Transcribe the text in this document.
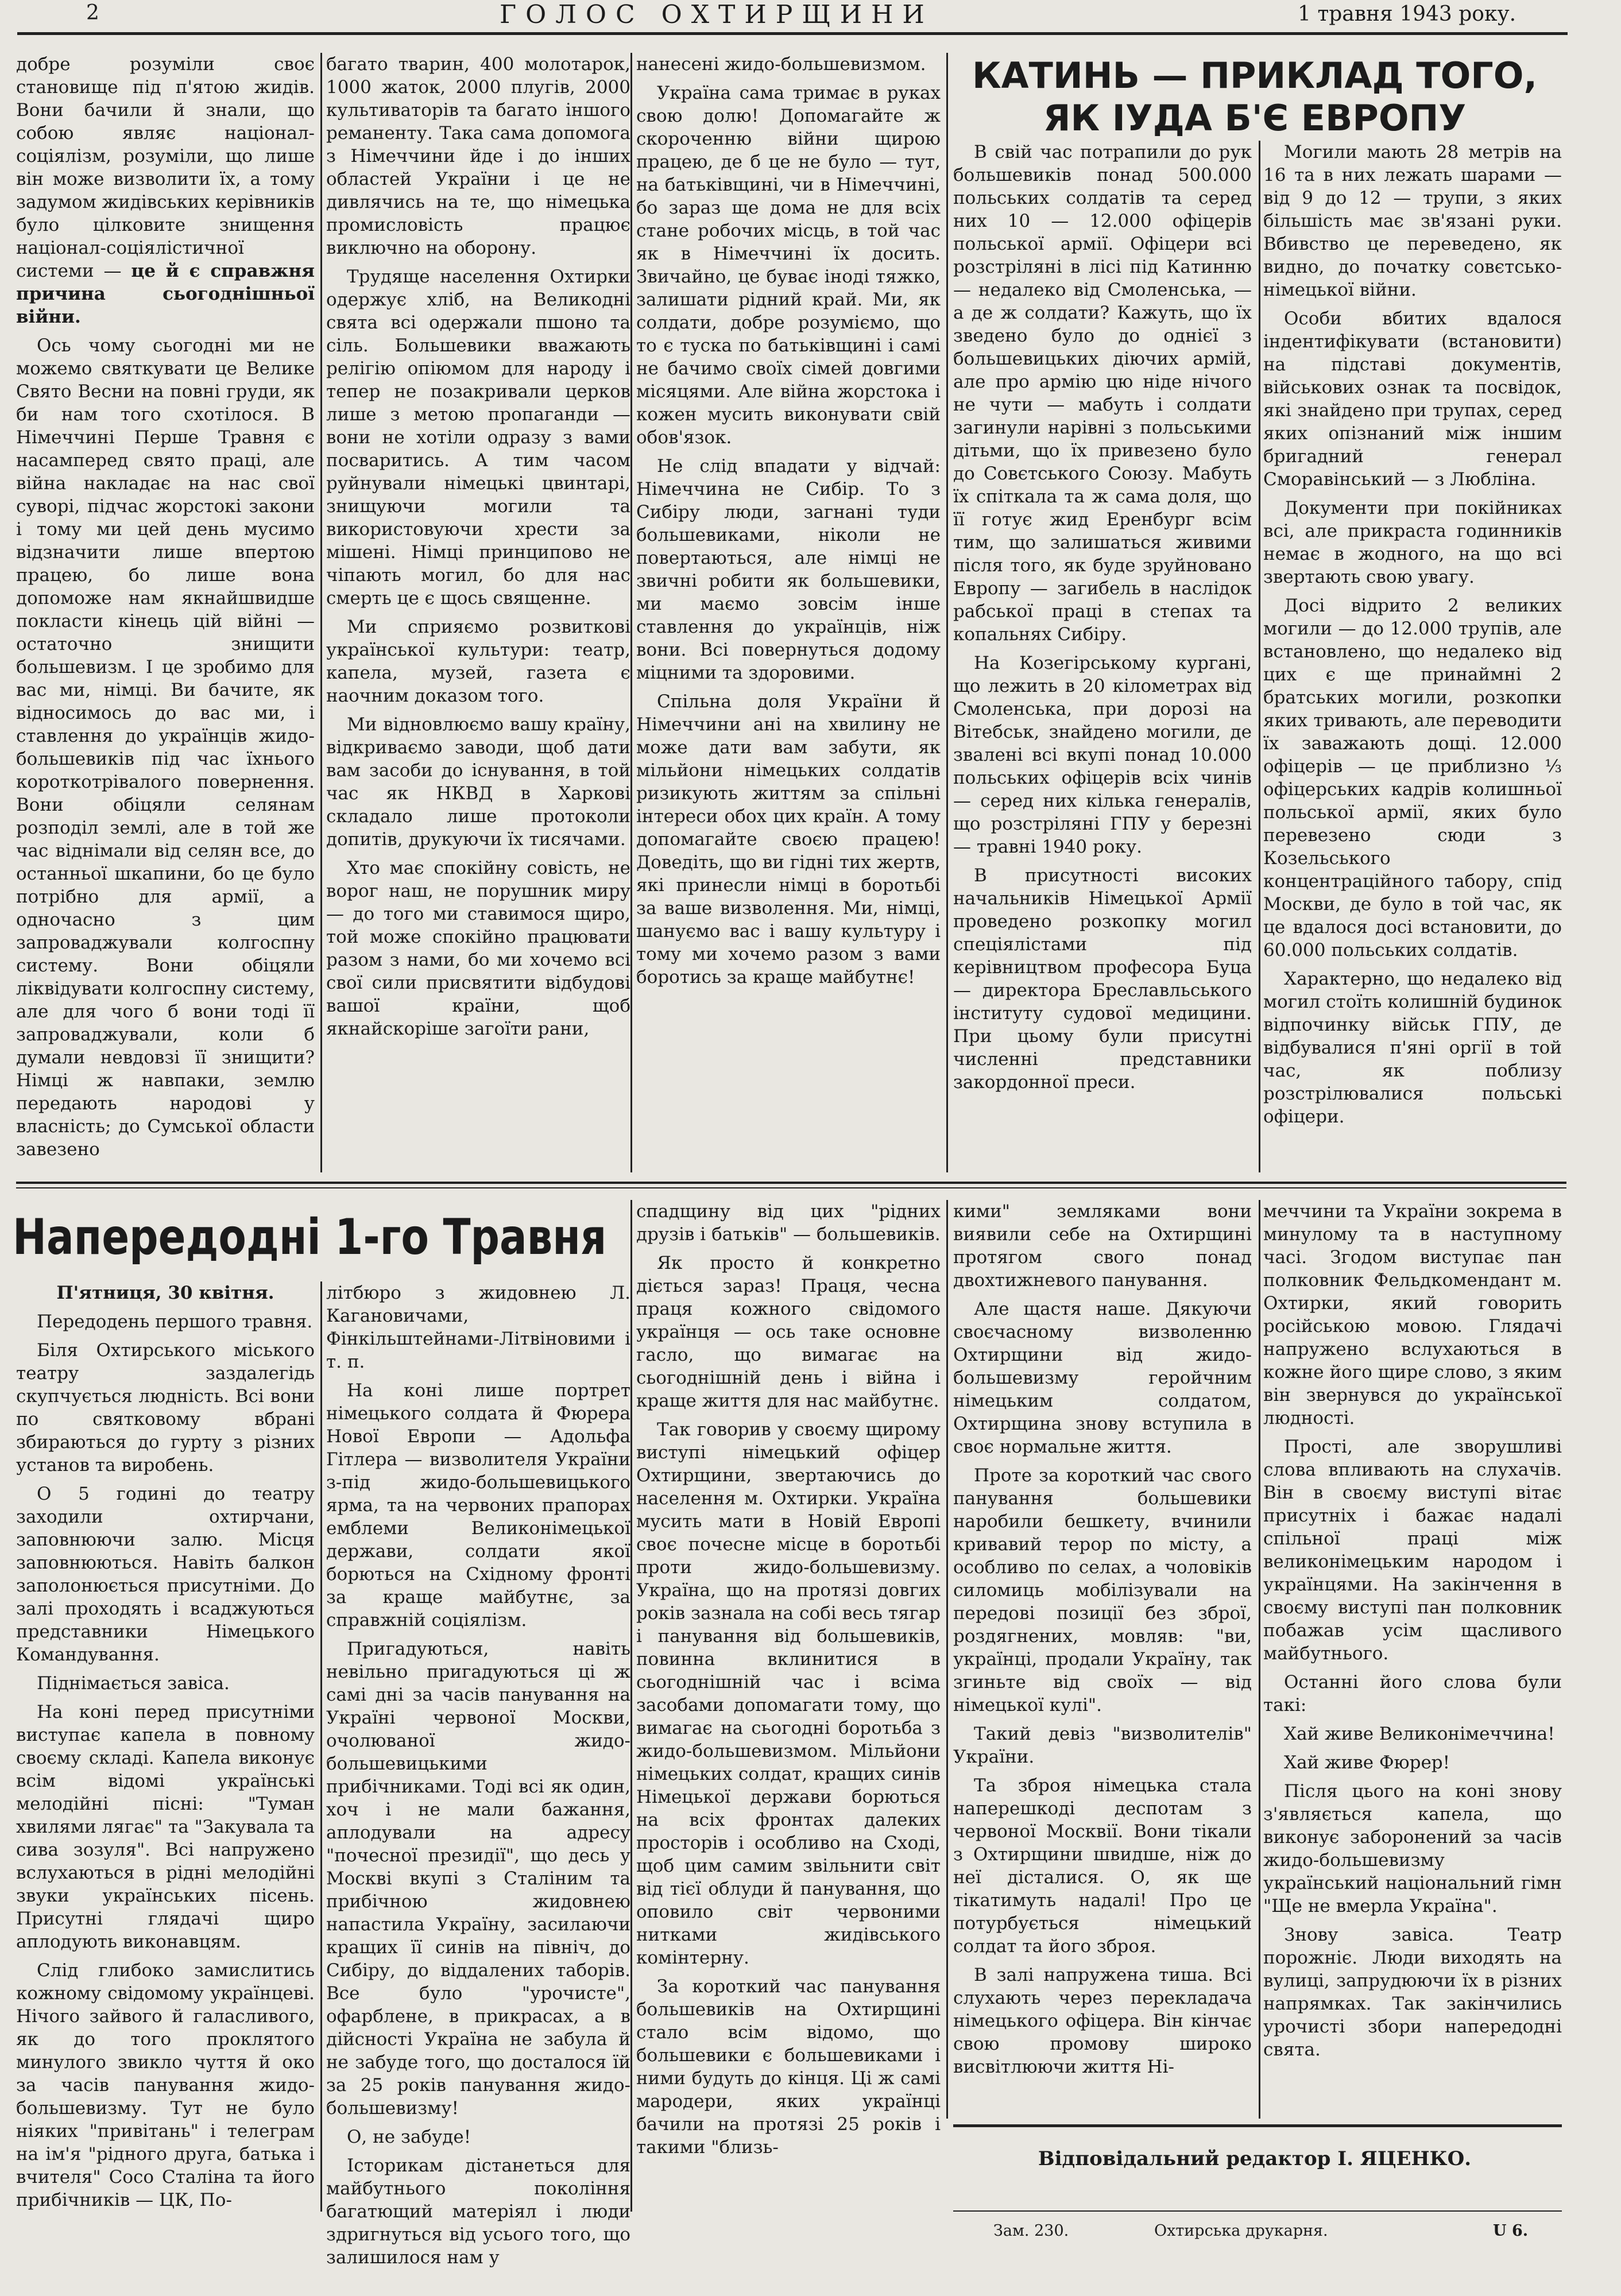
2	ГОЛОС ОХТИРЩИНИ	1 травня 1943 року.

добре розуміли своє становище під п'ятою жидів. Вони бачили й знали, що собою являє націонал-соціялізм, розуміли, що лише він може визволити їх, а тому задумом жидівських керівників було цілковите знищення націонал-соціялістичної системи — це й є справжня причина сьогоднішньої війни.

Ось чому сьогодні ми не можемо святкувати це Велике Свято Весни на повні груди, як би нам того схотілося. В Німеччині Перше Травня є насамперед свято праці, але війна накладає на нас свої суворі, підчас жорстокі закони і тому ми цей день мусимо відзначити лише впертою працею, бо лише вона допоможе нам якнайшвидше покласти кінець цій війні — остаточно знищити большевизм. І це зробимо для вас ми, німці. Ви бачите, як відносимось до вас ми, і ставлення до українців жидо-большевиків під час їхнього короткотрівалого повернення. Вони обіцяли селянам розподіл землі, але в той же час віднімали від селян все, до останньої шкапини, бо це було потрібно для армії, а одночасно з цим запроваджували колгоспну систему. Вони обіцяли ліквідувати колгоспну систему, але для чого б вони тоді її запроваджували, коли б думали невдовзі її знищити? Німці ж навпаки, землю передають народові у власність; до Сумської области завезено

багато тварин, 400 молотарок, 1000 жаток, 2000 плугів, 2000 культиваторів та багато іншого реманенту. Така сама допомога з Німеччини йде і до інших областей України і це не дивлячись на те, що німецька промисловість працює виключно на оборону.

Трудяще населення Охтирки одержує хліб, на Великодні свята всі одержали пшоно та сіль. Большевики вважають релігію опіюмом для народу і тепер не позакривали церков лише з метою пропаганди — вони не хотіли одразу з вами посваритись. А тим часом руйнували німецькі цвинтарі, знищуючи могили та використовуючи хрести за мішені. Німці принципово не чіпають могил, бо для нас смерть це є щось священне.

Ми сприяємо розвиткові української культури: театр, капела, музей, газета є наочним доказом того.

Ми відновлюємо вашу країну, відкриваємо заводи, щоб дати вам засоби до існування, в той час як НКВД в Харкові складало лише протоколи допитів, друкуючи їх тисячами.

Хто має спокійну совість, не ворог наш, не порушник миру — до того ми ставимося щиро, той може спокійно працювати разом з нами, бо ми хочемо всі свої сили присвятити відбудові вашої країни, щоб якнайскоріше загоїти рани,

нанесені жидо-большевизмом.

Україна сама тримає в руках свою долю! Допомагайте ж скороченню війни щирою працею, де б це не було — тут, на батьківщині, чи в Німеччині, бо зараз ще дома не для всіх стане робочих місць, в той час як в Німеччині їх досить. Звичайно, це буває іноді тяжко, залишати рідний край. Ми, як солдати, добре розуміємо, що то є туска по батьківщині і самі не бачимо своїх сімей довгими місяцями. Але війна жорстока і кожен мусить виконувати свій обов'язок.

Не слід впадати у відчай: Німеччина не Сибір. То з Сибіру люди, загнані туди большевиками, ніколи не повертаються, але німці не звичні робити як большевики, ми маємо зовсім інше ставлення до українців, ніж вони. Всі повернуться додому міцними та здоровими.

Спільна доля України й Німеччини ані на хвилину не може дати вам забути, як мільйони німецьких солдатів ризикують життям за спільні інтереси обох цих країн. А тому допомагайте своєю працею! Доведіть, що ви гідні тих жертв, які принесли німці в боротьбі за ваше визволення. Ми, німці, шануємо вас і вашу культуру і тому ми хочемо разом з вами боротись за краще майбутнє!

КАТИНЬ — ПРИКЛАД ТОГО,
ЯК ІУДА Б'Є ЕВРОПУ

В свій час потрапили до рук большевиків понад 500.000 польських солдатів та серед них 10 — 12.000 офіцерів польської армії. Офіцери всі розстріляні в лісі під Катинню — недалеко від Смоленська, — а де ж солдати? Кажуть, що їх зведено було до однієї з большевицьких діючих армій, але про армію цю ніде нічого не чути — мабуть і солдати загинули нарівні з польськими дітьми, що їх привезено було до Совєтського Союзу. Мабуть їх спіткала та ж сама доля, що її готує жид Еренбург всім тим, що залишаться живими після того, як буде зруйновано Европу — загибель в наслідок рабської праці в степах та копальнях Сибіру.

На Козегірському кургані, що лежить в 20 кілометрах від Смоленська, при дорозі на Вітебськ, знайдено могили, де звалені всі вкупі понад 10.000 польських офіцерів всіх чинів — серед них кілька генералів, що розстріляні ГПУ у березні — травні 1940 року.

В присутності високих начальників Німецької Армії проведено розкопку могил спеціялістами під керівництвом професора Буца — директора Бреславльського інституту судової медицини. При цьому були присутні численні представники закордонної преси.

Могили мають 28 метрів на 16 та в них лежать шарами — від 9 до 12 — трупи, з яких більшість має зв'язані руки. Вбивство це переведено, як видно, до початку совєтсько-німецької війни.

Особи вбитих вдалося індентифікувати (встановити) на підставі документів, військових ознак та посвідок, які знайдено при трупах, серед яких опізнаний між іншим бригадний генерал Сморавінський — з Любліна.

Документи при покійниках всі, але прикраста годинників немає в жодного, на що всі звертають свою увагу.

Досі відрито 2 великих могили — до 12.000 трупів, але встановлено, що недалеко від цих є ще принаймні 2 братських могили, розкопки яких тривають, але переводити їх заважають дощі. 12.000 офіцерів — це приблизно ⅓ офіцерських кадрів колишньої польської армії, яких було перевезено сюди з Козельського концентраційного табору, спід Москви, де було в той час, як це вдалося досі встановити, до 60.000 польських солдатів.

Характерно, що недалеко від могил стоїть колишній будинок відпочинку військ ГПУ, де відбувалися п'яні оргії в той час, як поблизу розстрілювалися польські офіцери.

Напередодні 1-го Травня

П'ятниця, 30 квітня.

Передодень першого травня.

Біля Охтирського міського театру заздалегідь скупчується людність. Всі вони по святковому вбрані збираються до гурту з різних установ та виробень.

О 5 годині до театру заходили охтирчани, заповнюючи залю. Місця заповнюються. Навіть балкон заполонюється присутніми. До залі проходять і всаджуються представники Німецького Командування.

Піднімається завіса.

На коні перед присутніми виступає капела в повному своєму складі. Капела виконує всім відомі українські мелодійні пісні: "Туман хвилями лягає" та "Закувала та сива зозуля". Всі напружено вслухаються в рідні мелодійні звуки українських пісень. Присутні глядачі щиро аплодують виконавцям.

Слід глибоко замислитись кожному свідомому українцеві. Нічого зайвого й галасливого, як до того проклятого минулого звикло чуття й око за часів панування жидо-большевизму. Тут не було ніяких "привітань" і телеграм на ім'я "рідного друга, батька і вчителя" Сосо Сталіна та його прибічників — ЦК, По-

літбюро з жидовнею Л. Кагановичами, Фінкільштейнами-Літвіновими і т. п.

На коні лише портрет німецького солдата й Фюрера Нової Европи — Адольфа Гітлера — визволителя України з-під жидо-большевицького ярма, та на червоних прапорах емблеми Великонімецької держави, солдати якої борються на Східному фронті за краще майбутнє, за справжній соціялізм.

Пригадуються, навіть невільно пригадуються ці ж самі дні за часів панування на Україні червоної Москви, очолюваної жидо-большевицькими прибічниками. Тоді всі як один, хоч і не мали бажання, аплодували на адресу "почесної президії", що десь у Москві вкупі з Сталіним та прибічною жидовнею напастила Україну, засилаючи кращих її синів на північ, до Сибіру, до віддалених таборів. Все було "урочисте", офарблене, в прикрасах, а в дійсності Україна не забула й не забуде того, що досталося їй за 25 років панування жидо-большевизму!

О, не забуде!

Історикам дістанеться для майбутнього покоління багатющий матеріял і люди здригнуться від усього того, що залишилося нам у

спадщину від цих "рідних друзів і батьків" — большевиків.

Як просто й конкретно діється зараз! Праця, чесна праця кожного свідомого українця — ось таке основне гасло, що вимагає на сьогоднішній день і війна і краще життя для нас майбутнє.

Так говорив у своєму щирому виступі німецький офіцер Охтирщини, звертаючись до населення м. Охтирки. Україна мусить мати в Новій Европі своє почесне місце в боротьбі проти жидо-большевизму. Україна, що на протязі довгих років зазнала на собі весь тягар і панування від большевиків, повинна вклинитися в сьогоднішній час і всіма засобами допомагати тому, що вимагає на сьогодні боротьба з жидо-большевизмом. Мільйони німецьких солдат, кращих синів Німецької держави борються на всіх фронтах далеких просторів і особливо на Сході, щоб цим самим звільнити світ від тієї облуди й панування, що оповило світ червоними нитками жидівського комінтерну.

За короткий час панування большевиків на Охтирщині стало всім відомо, що большевики є большевиками і ними будуть до кінця. Ці ж самі мародери, яких українці бачили на протязі 25 років і такими "близь-

кими" земляками вони виявили себе на Охтирщині протягом свого понад двохтижневого панування.

Але щастя наше. Дякуючи своєчасному визволенню Охтирщини від жидо-большевизму геройчним німецьким солдатом, Охтирщина знову вступила в своє нормальне життя.

Проте за короткий час свого панування большевики наробили бешкету, вчинили кривавий терор по місту, а особливо по селах, а чоловіків силомиць мобілізували на передові позиції без зброї, роздягнених, мовляв: "ви, українці, продали Україну, так згиньте від своїх — від німецької кулі".

Такий девіз "визволителів" України.

Та зброя німецька стала наперешкоді деспотам з червоної Москвії. Вони тікали з Охтирщини швидше, ніж до неї дісталися. О, як ще тікатимуть надалі! Про це потурбується німецький солдат та його зброя.

В залі напружена тиша. Всі слухають через перекладача німецького офіцера. Він кінчає свою промову широко висвітлюючи життя Ні-

меччини та України зокрема в минулому та в наступному часі. Згодом виступає пан полковник Фельдкомендант м. Охтирки, який говорить російською мовою. Глядачі напружено вслухаються в кожне його щире слово, з яким він звернувся до української людності.

Прості, але зворушливі слова впливають на слухачів. Він в своєму виступі вітає присутніх і бажає надалі спільної праці між великонімецьким народом і українцями. На закінчення в своєму виступі пан полковник побажав усім щасливого майбутнього.

Останні його слова були такі:

Хай живе Великонімеччина!

Хай живе Фюрер!

Після цього на коні знову з'являється капела, що виконує заборонений за часів жидо-большевизму український національний гімн "Ще не вмерла Україна".

Знову завіса. Театр порожніє. Люди виходять на вулиці, запрудюючи їх в різних напрямках. Так закінчились урочисті збори напередодні свята.

Відповідальний редактор І. ЯЦЕНКО.
Зам. 230.	Охтирська друкарня.	U 6.
